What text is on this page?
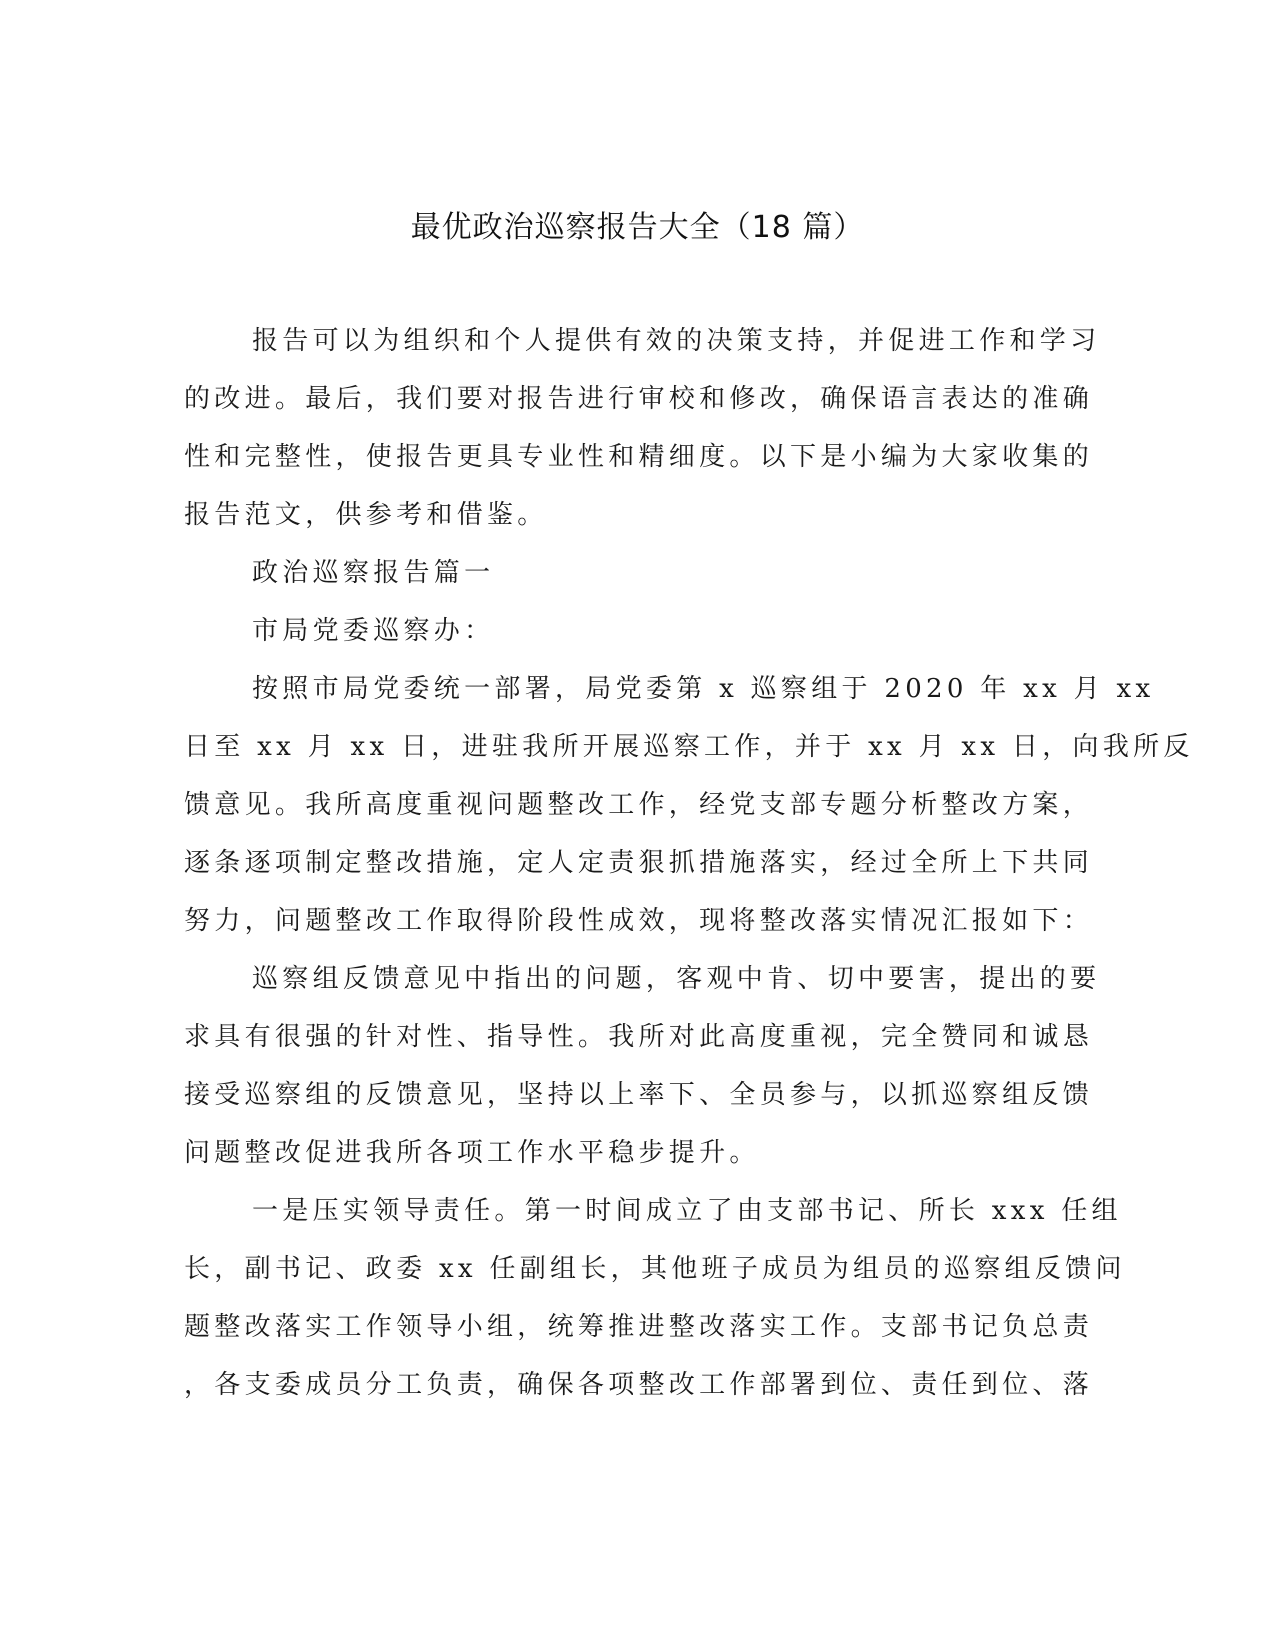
最优政治巡察报告大全（18 篇）
报告可以为组织和个人提供有效的决策支持，并促进工作和学习
的改进。最后，我们要对报告进行审校和修改，确保语言表达的准确
性和完整性，使报告更具专业性和精细度。以下是小编为大家收集的
报告范文，供参考和借鉴。
政治巡察报告篇一
市局党委巡察办：
按照市局党委统一部署，局党委第 x 巡察组于 2020 年 xx 月 xx
日至 xx 月 xx 日，进驻我所开展巡察工作，并于 xx 月 xx 日，向我所反
馈意见。我所高度重视问题整改工作，经党支部专题分析整改方案，
逐条逐项制定整改措施，定人定责狠抓措施落实，经过全所上下共同
努力，问题整改工作取得阶段性成效，现将整改落实情况汇报如下：
巡察组反馈意见中指出的问题，客观中肯、切中要害，提出的要
求具有很强的针对性、指导性。我所对此高度重视，完全赞同和诚恳
接受巡察组的反馈意见，坚持以上率下、全员参与，以抓巡察组反馈
问题整改促进我所各项工作水平稳步提升。
一是压实领导责任。第一时间成立了由支部书记、所长 xxx 任组
长，副书记、政委 xx 任副组长，其他班子成员为组员的巡察组反馈问
题整改落实工作领导小组，统筹推进整改落实工作。支部书记负总责
，各支委成员分工负责，确保各项整改工作部署到位、责任到位、落
